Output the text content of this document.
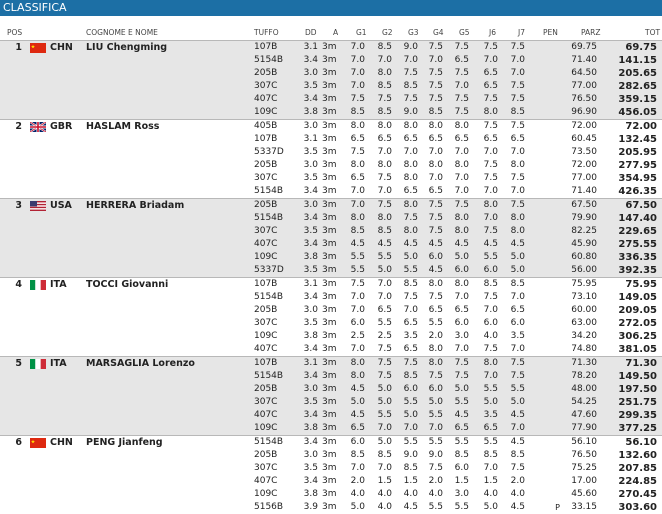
CLASSIFICA
POS	COGNOME E NOME	TUFFO	DD A G1 G2 G3 G4 G5	J6	J7 PEN	PARZ	TOT
1	CHN LIU Chengming	107B	3.1 3m	7.0	8.5	9.0	7.5	7.5	7.5	7.5	69.75	69.75
5154B	3.4 3m	7.0	7.0	7.0	7.0	6.5	7.0	7.0	71.40 141.15
205B	3.0 3m	7.0	8.0	7.5	7.5	7.5	6.5	7.0	64.50 205.65
307C	3.5 3m	7.0	8.5	8.5	7.5	7.0	6.5	7.5	77.00 282.65
407C	3.4 3m	7.5	7.5	7.5	7.5	7.5	7.5	7.5	76.50 359.15
109C	3.8 3m	8.5	8.5	9.0	8.5	7.5	8.0	8.5	96.90 456.05
2	GBR HASLAM Ross	405B	3.0 3m	8.0	8.0	8.0	8.0	8.0	7.5	7.5	72.00	72.00
107B	3.1 3m	6.5	6.5	6.5	6.5	6.5	6.5	6.5	60.45 132.45
5337D	3.5 3m	7.5	7.0	7.0	7.0	7.0	7.0	7.0	73.50 205.95
205B	3.0 3m	8.0	8.0	8.0	8.0	8.0	7.5	8.0	72.00 277.95
307C	3.5 3m	6.5	7.5	8.0	7.0	7.0	7.5	7.5	77.00 354.95
5154B	3.4 3m	7.0	7.0	6.5	6.5	7.0	7.0	7.0	71.40 426.35
3	USA HERRERA Briadam	205B	3.0 3m	7.0	7.5	8.0	7.5	7.5	8.0	7.5	67.50	67.50
5154B	3.4 3m	8.0	8.0	7.5	7.5	8.0	7.0	8.0	79.90 147.40
307C	3.5 3m	8.5	8.5	8.0	7.5	8.0	7.5	8.0	82.25 229.65
407C	3.4 3m	4.5	4.5	4.5	4.5	4.5	4.5	4.5	45.90 275.55
109C	3.8 3m	5.5	5.5	5.0	6.0	5.0	5.5	5.0	60.80 336.35
5337D	3.5 3m	5.5	5.0	5.5	4.5	6.0	6.0	5.0	56.00 392.35
4	ITA TOCCI Giovanni	107B	3.1 3m	7.5	7.0	8.5	8.0	8.0	8.5	8.5	75.95	75.95
5154B	3.4 3m	7.0	7.0	7.5	7.5	7.0	7.5	7.0	73.10 149.05
205B	3.0 3m	7.0	6.5	7.0	6.5	6.5	7.0	6.5	60.00 209.05
307C	3.5 3m	6.0	5.5	6.5	5.5	6.0	6.0	6.0	63.00 272.05
109C	3.8 3m	2.5	2.5	3.5	2.0	3.0	4.0	3.5	34.20 306.25
407C	3.4 3m	7.0	7.5	6.5	8.0	7.0	7.5	7.0	74.80 381.05
5	ITA MARSAGLIA Lorenzo	107B	3.1 3m	8.0	7.5	7.5	8.0	7.5	8.0	7.5	71.30	71.30
5154B	3.4 3m	8.0	7.5	8.5	7.5	7.5	7.0	7.5	78.20 149.50
205B	3.0 3m	4.5	5.0	6.0	6.0	5.0	5.5	5.5	48.00 197.50
307C	3.5 3m	5.0	5.0	5.5	5.0	5.5	5.0	5.0	54.25 251.75
407C	3.4 3m	4.5	5.5	5.0	5.5	4.5	3.5	4.5	47.60 299.35
109C	3.8 3m	6.5	7.0	7.0	7.0	6.5	6.5	7.0	77.90 377.25
6	CHN PENG Jianfeng	5154B	3.4 3m	6.0	5.0	5.5	5.5	5.5	5.5	4.5	56.10	56.10
205B	3.0 3m	8.5	8.5	9.0	9.0	8.5	8.5	8.5	76.50 132.60
307C	3.5 3m	7.0	7.0	8.5	7.5	6.0	7.0	7.5	75.25 207.85
407C	3.4 3m	2.0	1.5	1.5	2.0	1.5	1.5	2.0	17.00 224.85
109C	3.8 3m	4.0	4.0	4.0	4.0	3.0	4.0	4.0	45.60 270.45
5156B	3.9 3m	5.0	4.0	4.5	5.5	5.5	5.0	4.5	P	33.15 303.60
